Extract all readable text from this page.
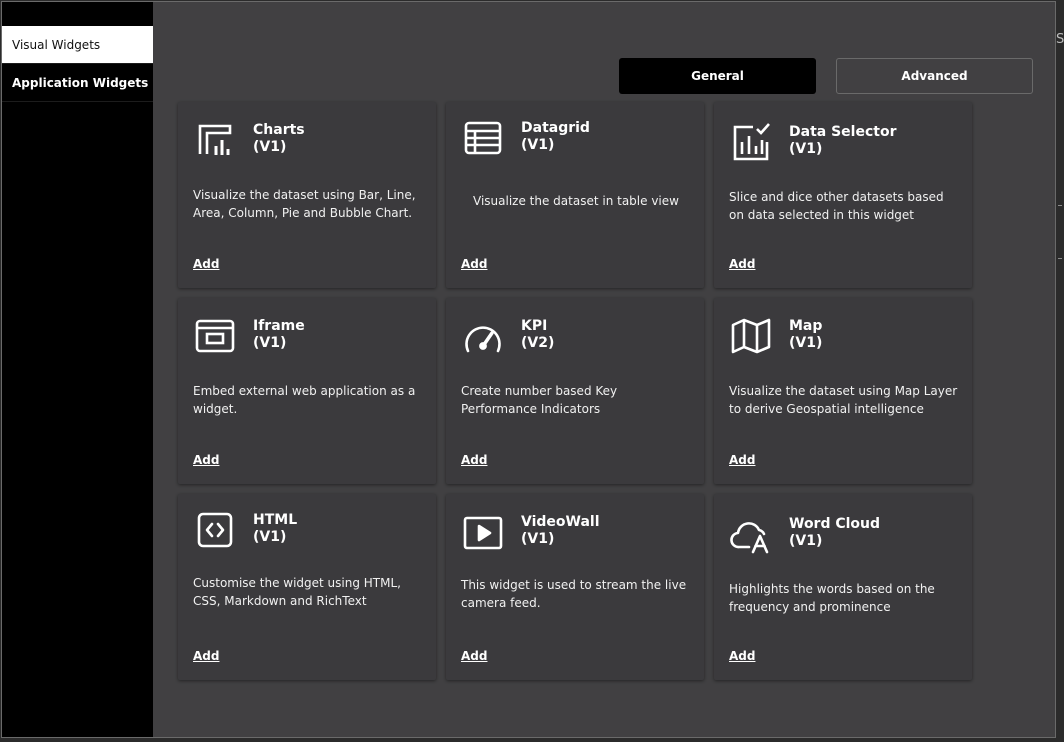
S
Visual Widgets
Application Widgets	General	Advanced
Charts
(V1)
Visualize the dataset using Bar, Line, Area, Column, Pie and Bubble Chart.
Add
Datagrid
(V1)
Visualize the dataset in table view
Add
Data Selector
(V1)
Slice and dice other datasets based on data selected in this widget
Add
Iframe
(V1)
Embed external web application as a widget.
Add
KPI
(V2)
Create number based Key Performance Indicators
Add
Map
(V1)
Visualize the dataset using Map Layer to derive Geospatial intelligence
Add
HTML
(V1)
Customise the widget using HTML, CSS, Markdown and RichText
Add
VideoWall
(V1)
This widget is used to stream the live camera feed.
Add
Word Cloud
(V1)
Highlights the words based on the frequency and prominence
Add
